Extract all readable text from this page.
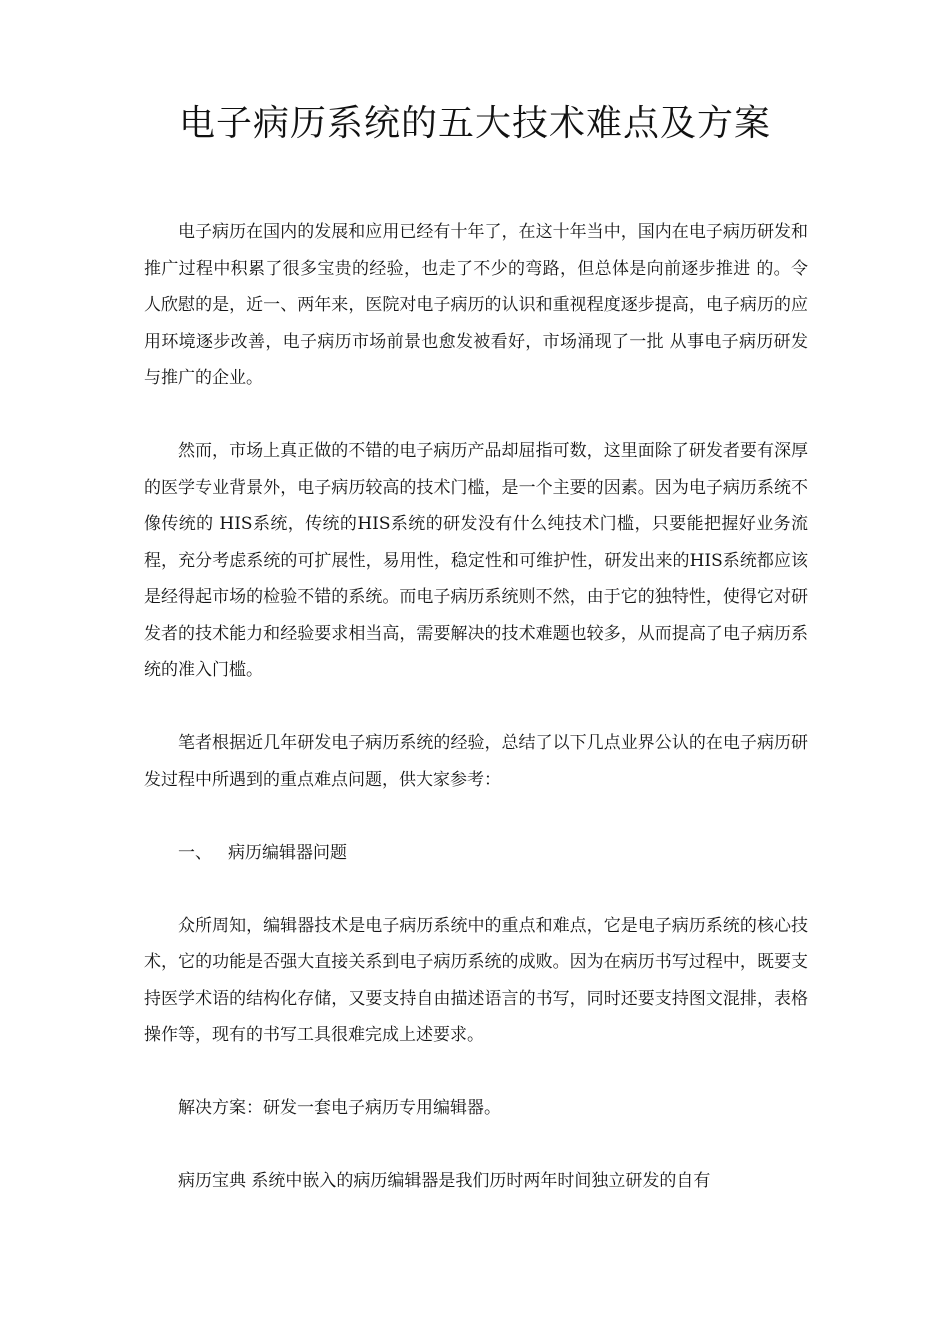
电子病历系统的五大技术难点及方案

电子病历在国内的发展和应用已经有十年了，在这十年当中，国内在电子病历研发和推广过程中积累了很多宝贵的经验，也走了不少的弯路，但总体是向前逐步推进 的。令人欣慰的是，近一、两年来，医院对电子病历的认识和重视程度逐步提高，电子病历的应用环境逐步改善，电子病历市场前景也愈发被看好，市场涌现了一批 从事电子病历研发与推广的企业。

然而，市场上真正做的不错的电子病历产品却屈指可数，这里面除了研发者要有深厚的医学专业背景外，电子病历较高的技术门槛，是一个主要的因素。因为电子病历系统不像传统的 HIS系统，传统的HIS系统的研发没有什么纯技术门槛，只要能把握好业务流程，充分考虑系统的可扩展性，易用性，稳定性和可维护性，研发出来的HIS系统都应该是经得起市场的检验不错的系统。而电子病历系统则不然，由于它的独特性，使得它对研发者的技术能力和经验要求相当高，需要解决的技术难题也较多，从而提高了电子病历系统的准入门槛。

笔者根据近几年研发电子病历系统的经验，总结了以下几点业界公认的在电子病历研发过程中所遇到的重点难点问题，供大家参考：

一、 病历编辑器问题

众所周知，编辑器技术是电子病历系统中的重点和难点，它是电子病历系统的核心技术，它的功能是否强大直接关系到电子病历系统的成败。因为在病历书写过程中，既要支持医学术语的结构化存储，又要支持自由描述语言的书写，同时还要支持图文混排，表格操作等，现有的书写工具很难完成上述要求。

解决方案：研发一套电子病历专用编辑器。

病历宝典 系统中嵌入的病历编辑器是我们历时两年时间独立研发的自有
